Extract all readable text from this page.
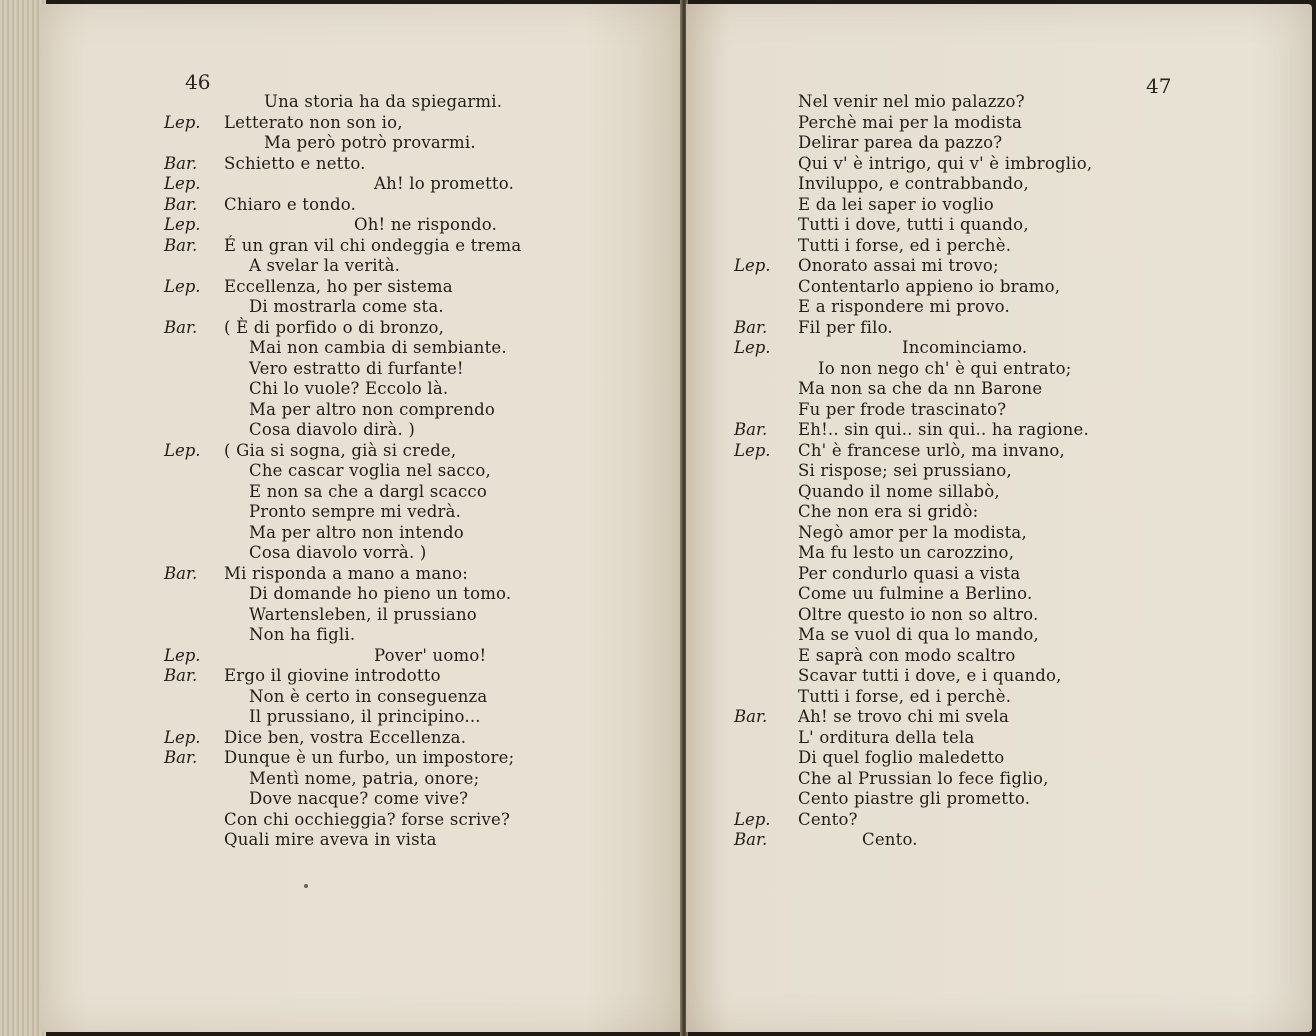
46
Una storia ha da spiegarmi.
Lep. Letterato non son io,
Ma però potrò provarmi.
Bar. Schietto e netto.
Lep.	Ah! lo prometto.
Bar. Chiaro e tondo.
Lep.	Oh! ne rispondo.
Bar. É un gran vil chi ondeggia e trema
A svelar la verità.
Lep. Eccellenza, ho per sistema
Di mostrarla come sta.
Bar. ( È di porfido o di bronzo,
Mai non cambia di sembiante.
Vero estratto di furfante!
Chi lo vuole? Eccolo là.
Ma per altro non comprendo
Cosa diavolo dirà. )
Lep. ( Gia si sogna, già si crede,
Che cascar voglia nel sacco,
E non sa che a dargl scacco
Pronto sempre mi vedrà.
Ma per altro non intendo
Cosa diavolo vorrà. )
Bar. Mi risponda a mano a mano:
Di domande ho pieno un tomo.
Wartensleben, il prussiano
Non ha figli.
Lep.	Pover' uomo!
Bar. Ergo il giovine introdotto
Non è certo in conseguenza
Il prussiano, il principino...
Lep. Dice ben, vostra Eccellenza.
Bar. Dunque è un furbo, un impostore;
Mentì nome, patria, onore;
Dove nacque? come vive?
Con chi occhieggia? forse scrive?
Quali mire aveva in vista
47
Nel venir nel mio palazzo?
Perchè mai per la modista
Delirar parea da pazzo?
Qui v' è intrigo, qui v' è imbroglio,
Inviluppo, e contrabbando,
E da lei saper io voglio
Tutti i dove, tutti i quando,
Tutti i forse, ed i perchè.
Lep. Onorato assai mi trovo;
Contentarlo appieno io bramo,
E a rispondere mi provo.
Bar. Fil per filo.
Lep.	Incominciamo.
Io non nego ch' è qui entrato;
Ma non sa che da nn Barone
Fu per frode trascinato?
Bar. Eh!.. sin qui.. sin qui.. ha ragione.
Lep. Ch' è francese urlò, ma invano,
Si rispose; sei prussiano,
Quando il nome sillabò,
Che non era si gridò:
Negò amor per la modista,
Ma fu lesto un carozzino,
Per condurlo quasi a vista
Come uu fulmine a Berlino.
Oltre questo io non so altro.
Ma se vuol di qua lo mando,
E saprà con modo scaltro
Scavar tutti i dove, e i quando,
Tutti i forse, ed i perchè.
Bar. Ah! se trovo chi mi svela
L' orditura della tela
Di quel foglio maledetto
Che al Prussian lo fece figlio,
Cento piastre gli prometto.
Lep. Cento?
Bar.	Cento.
